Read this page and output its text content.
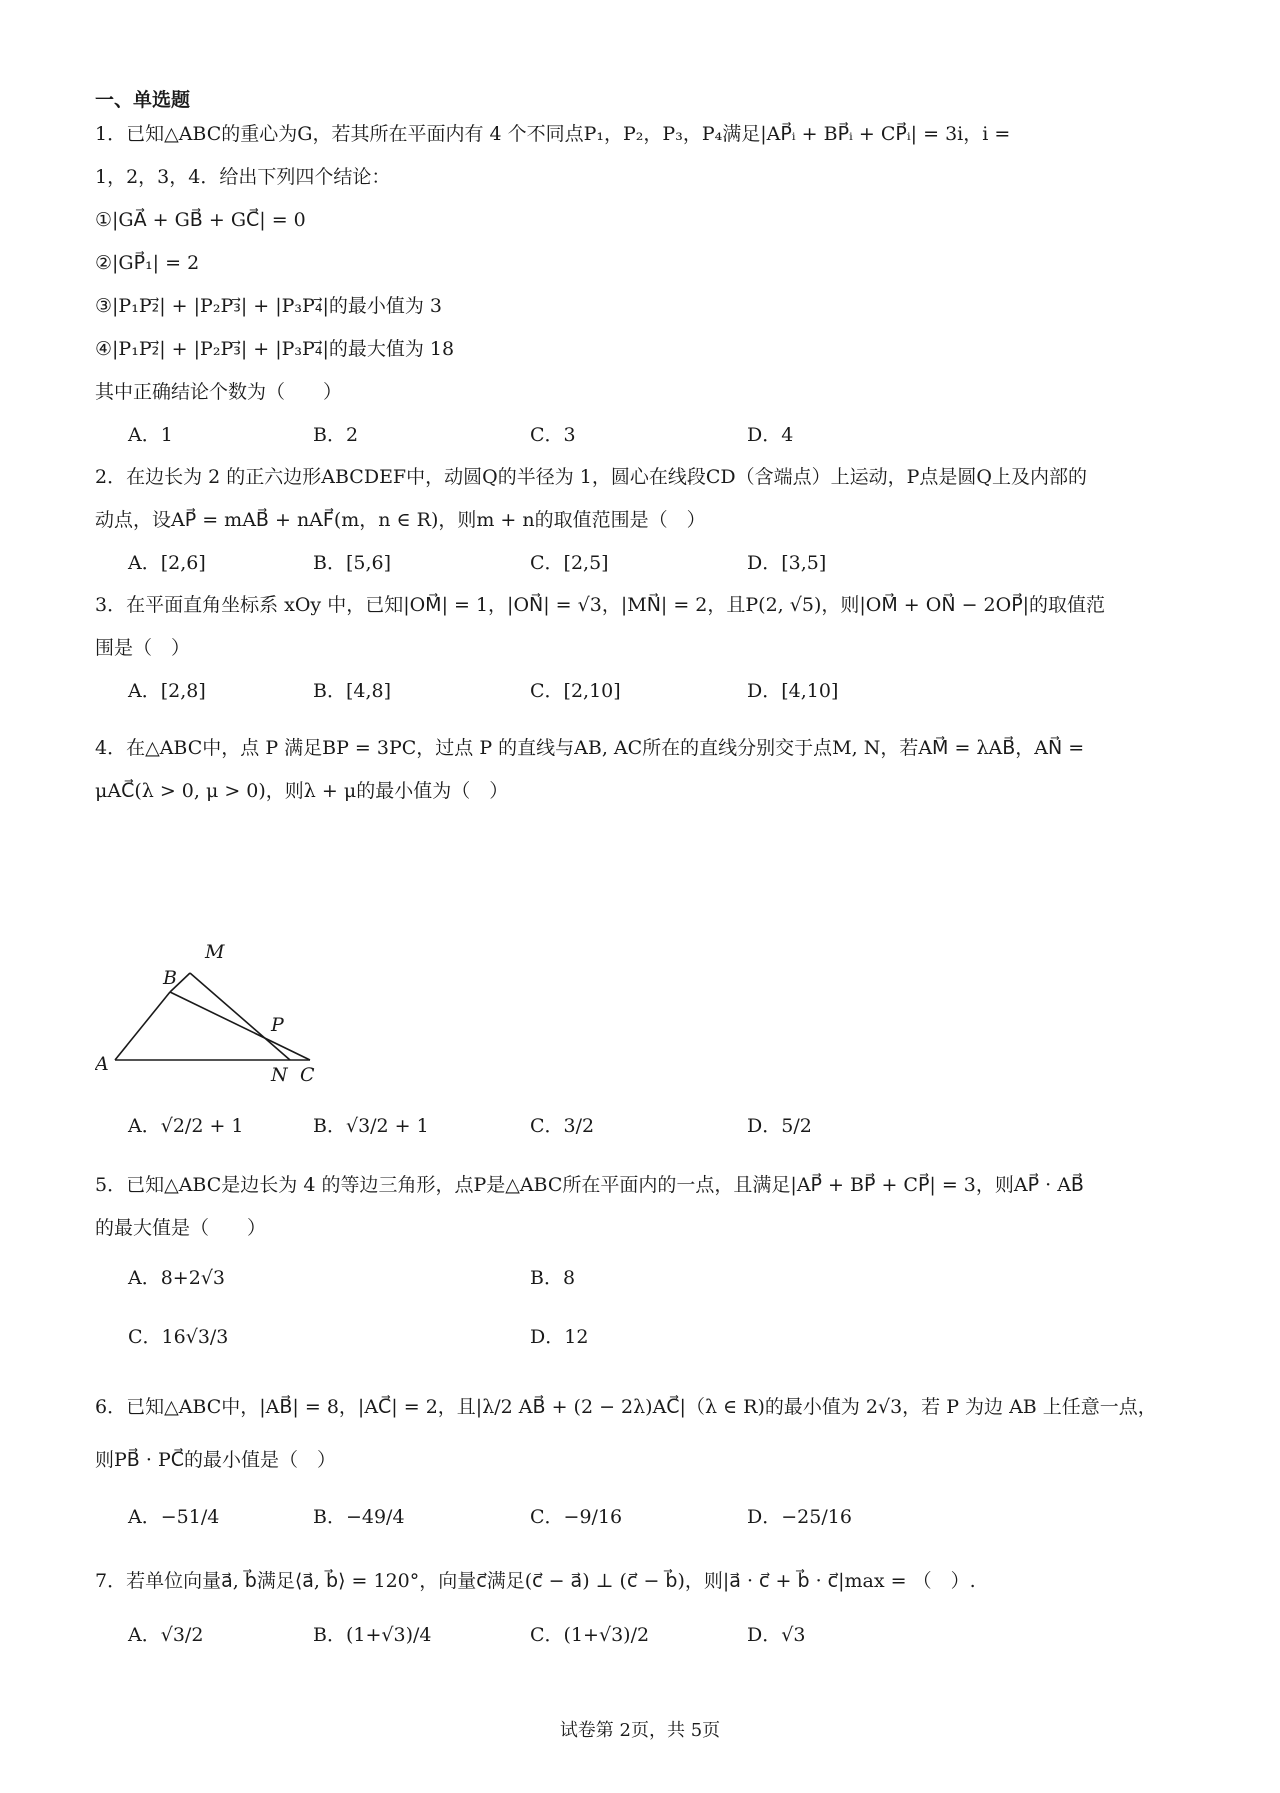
一、单选题
1．已知△ABC的重心为G，若其所在平面内有 4 个不同点P₁，P₂，P₃，P₄满足|AP⃗ᵢ + BP⃗ᵢ + CP⃗ᵢ| = 3i，i =
1，2，3，4．给出下列四个结论：
①|GA⃗ + GB⃗ + GC⃗| = 0
②|GP⃗₁| = 2
③|P₁P₂⃗| + |P₂P₃⃗| + |P₃P₄⃗|的最小值为 3
④|P₁P₂⃗| + |P₂P₃⃗| + |P₃P₄⃗|的最大值为 18
其中正确结论个数为（　　）
A．1	B．2	C．3	D．4
2．在边长为 2 的正六边形ABCDEF中，动圆Q的半径为 1，圆心在线段CD（含端点）上运动，P点是圆Q上及内部的
动点，设AP⃗ = mAB⃗ + nAF⃗(m，n ∈ R)，则m + n的取值范围是（　）
A．[2,6]	B．[5,6]	C．[2,5]	D．[3,5]
3．在平面直角坐标系 xOy 中，已知|OM⃗| = 1，|ON⃗| = √3，|MN⃗| = 2，且P(2, √5)，则|OM⃗ + ON⃗ − 2OP⃗|的取值范
围是（　）
A．[2,8]	B．[4,8]	C．[2,10]	D．[4,10]
4．在△ABC中，点 P 满足BP = 3PC，过点 P 的直线与AB, AC所在的直线分别交于点M, N，若AM⃗ = λAB⃗，AN⃗ =
μAC⃗(λ > 0, μ > 0)，则λ + μ的最小值为（　）
M
B
P
A	N C
A．√2/2 + 1	B．√3/2 + 1	C．3/2	D．5/2
5．已知△ABC是边长为 4 的等边三角形，点P是△ABC所在平面内的一点，且满足|AP⃗ + BP⃗ + CP⃗| = 3，则AP⃗ · AB⃗
的最大值是（　　）
A．8+2√3	B．8
C．16√3/3	D．12
6．已知△ABC中，|AB⃗| = 8，|AC⃗| = 2，且|λ/2 AB⃗ + (2 − 2λ)AC⃗|（λ ∈ R)的最小值为 2√3，若 P 为边 AB 上任意一点，
则PB⃗ · PC⃗的最小值是（　）
A．−51/4	B．−49/4	C．−9/16	D．−25/16
7．若单位向量a⃗, b⃗满足⟨a⃗, b⃗⟩ = 120°，向量c⃗满足(c⃗ − a⃗) ⊥ (c⃗ − b⃗)，则|a⃗ · c⃗ + b⃗ · c⃗|max = （　）.
A．√3/2	B．(1+√3)/4	C．(1+√3)/2	D．√3
试卷第 2页，共 5页
